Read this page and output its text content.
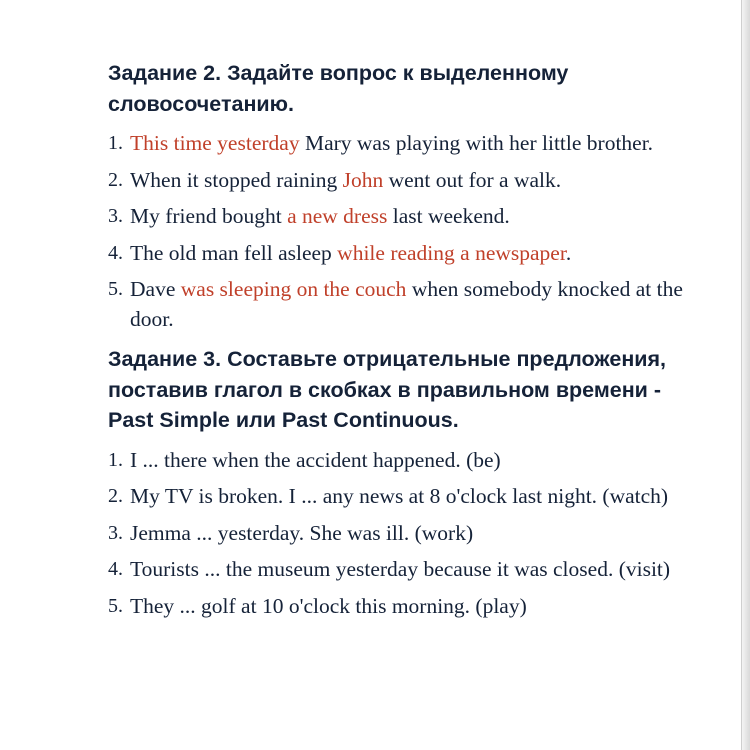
Задание 2. Задайте вопрос к выделенному словосочетанию.
1. This time yesterday Mary was playing with her little brother.
2. When it stopped raining John went out for a walk.
3. My friend bought a new dress last weekend.
4. The old man fell asleep while reading a newspaper.
5. Dave was sleeping on the couch when somebody knocked at the door.
Задание 3. Составьте отрицательные предложения, поставив глагол в скобках в правильном времени - Past Simple или Past Continuous.
1. I ... there when the accident happened. (be)
2. My TV is broken. I ... any news at 8 o'clock last night. (watch)
3. Jemma ... yesterday. She was ill. (work)
4. Tourists ... the museum yesterday because it was closed. (visit)
5. They ... golf at 10 o'clock this morning. (play)
